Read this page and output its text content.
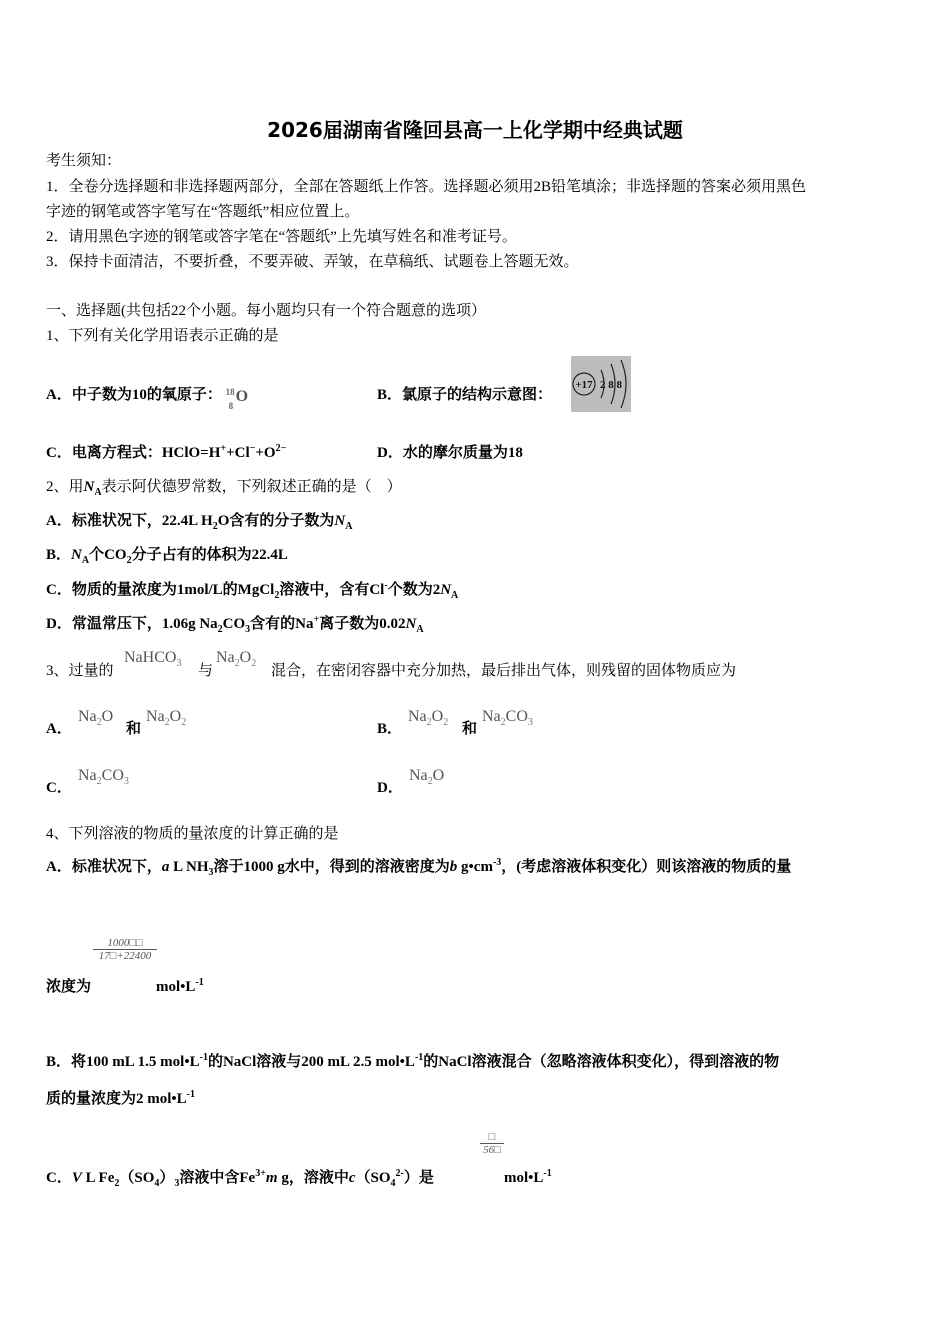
2026届湖南省隆回县高一上化学期中经典试题
考生须知：
1．全卷分选择题和非选择题两部分，全部在答题纸上作答。选择题必须用2B铅笔填涂；非选择题的答案必须用黑色
字迹的钢笔或答字笔写在“答题纸”相应位置上。
2．请用黑色字迹的钢笔或答字笔在“答题纸”上先填写姓名和准考证号。
3．保持卡面清洁，不要折叠，不要弄破、弄皱，在草稿纸、试题卷上答题无效。
一、选择题(共包括22个小题。每小题均只有一个符合题意的选项）
1、下列有关化学用语表示正确的是
A．中子数为10的氧原子： 18
8
O	B．氯原子的结构示意图：
+17 2 8 8
C．电离方程式：$HClO=H^++Cl^-+O^{2-}$	D．水的摩尔质量为18
2、用$N_A$表示阿伏德罗常数，下列叙述正确的是（　）
A．标准状况下，22.4L $H_2O$含有的分子数为$N_A$
B．$N_A$个$CO_2$分子占有的体积为22.4L
C．物质的量浓度为1mol/L的MgCl$_2$溶液中，含有Cl-个数为$2N_A$
D．常温常压下，1.06g $Na_2CO_3$含有的Na+离子数为$0.02N_A$
3、过量的
NaHCO$_3$ 与
$Na_2O_2$ 混合，在密闭容器中充分加热，最后排出气体，则残留的固体物质应为
A．
$Na_2O$
和
$Na_2O_2$	B．
$Na_2O_2$ 和
$Na_2CO_3$
C．
$Na_2CO_3$	D．
$Na_2O$
4、下列溶液的物质的量浓度的计算正确的是
A．标准状况下，a L $NH_3$溶于1000 g水中，得到的溶液密度为b $g•cm^{-3}$，(考虑溶液体积变化）则该溶液的物质的量
$\frac{1000□□}{17□+22400}$
浓度为	$mol•L^{-1}$
B．将100 mL 1.5 $mol•L^{-1}$的NaCl溶液与200 mL 2.5 $mol•L^{-1}$的NaCl溶液混合（忽略溶液体积变化），得到溶液的物
质的量浓度为2 $mol•L^{-1}$
□
56□
C．V L $Fe_2(SO_4)_3$溶液中含$Fe^{3+}m$ g，溶液中$c(SO_4^{2-})$是	$mol•L^{-1}$
